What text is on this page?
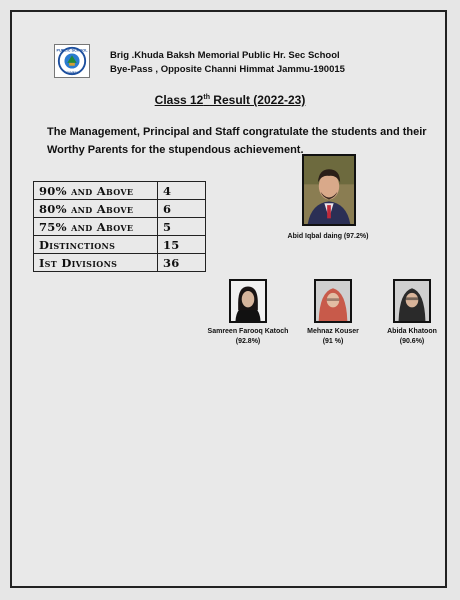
PUBLIC SCHOOL
JAMMU
Brig .Khuda Baksh Memorial Public Hr. Sec School
Bye-Pass , Opposite Channi Himmat Jammu-190015
Class 12th Result (2022-23)
The Management, Principal and Staff congratulate the students and their Worthy Parents for the stupendous achievement.
90% and Above	4
80% and Above	6
75% and Above	5
Distinctions	15
Ist Divisions	36
Abid Iqbal daing (97.2%)
Samreen Farooq Katoch
(92.8%)
Mehnaz Kouser
(91 %)
Abida Khatoon
(90.6%)
